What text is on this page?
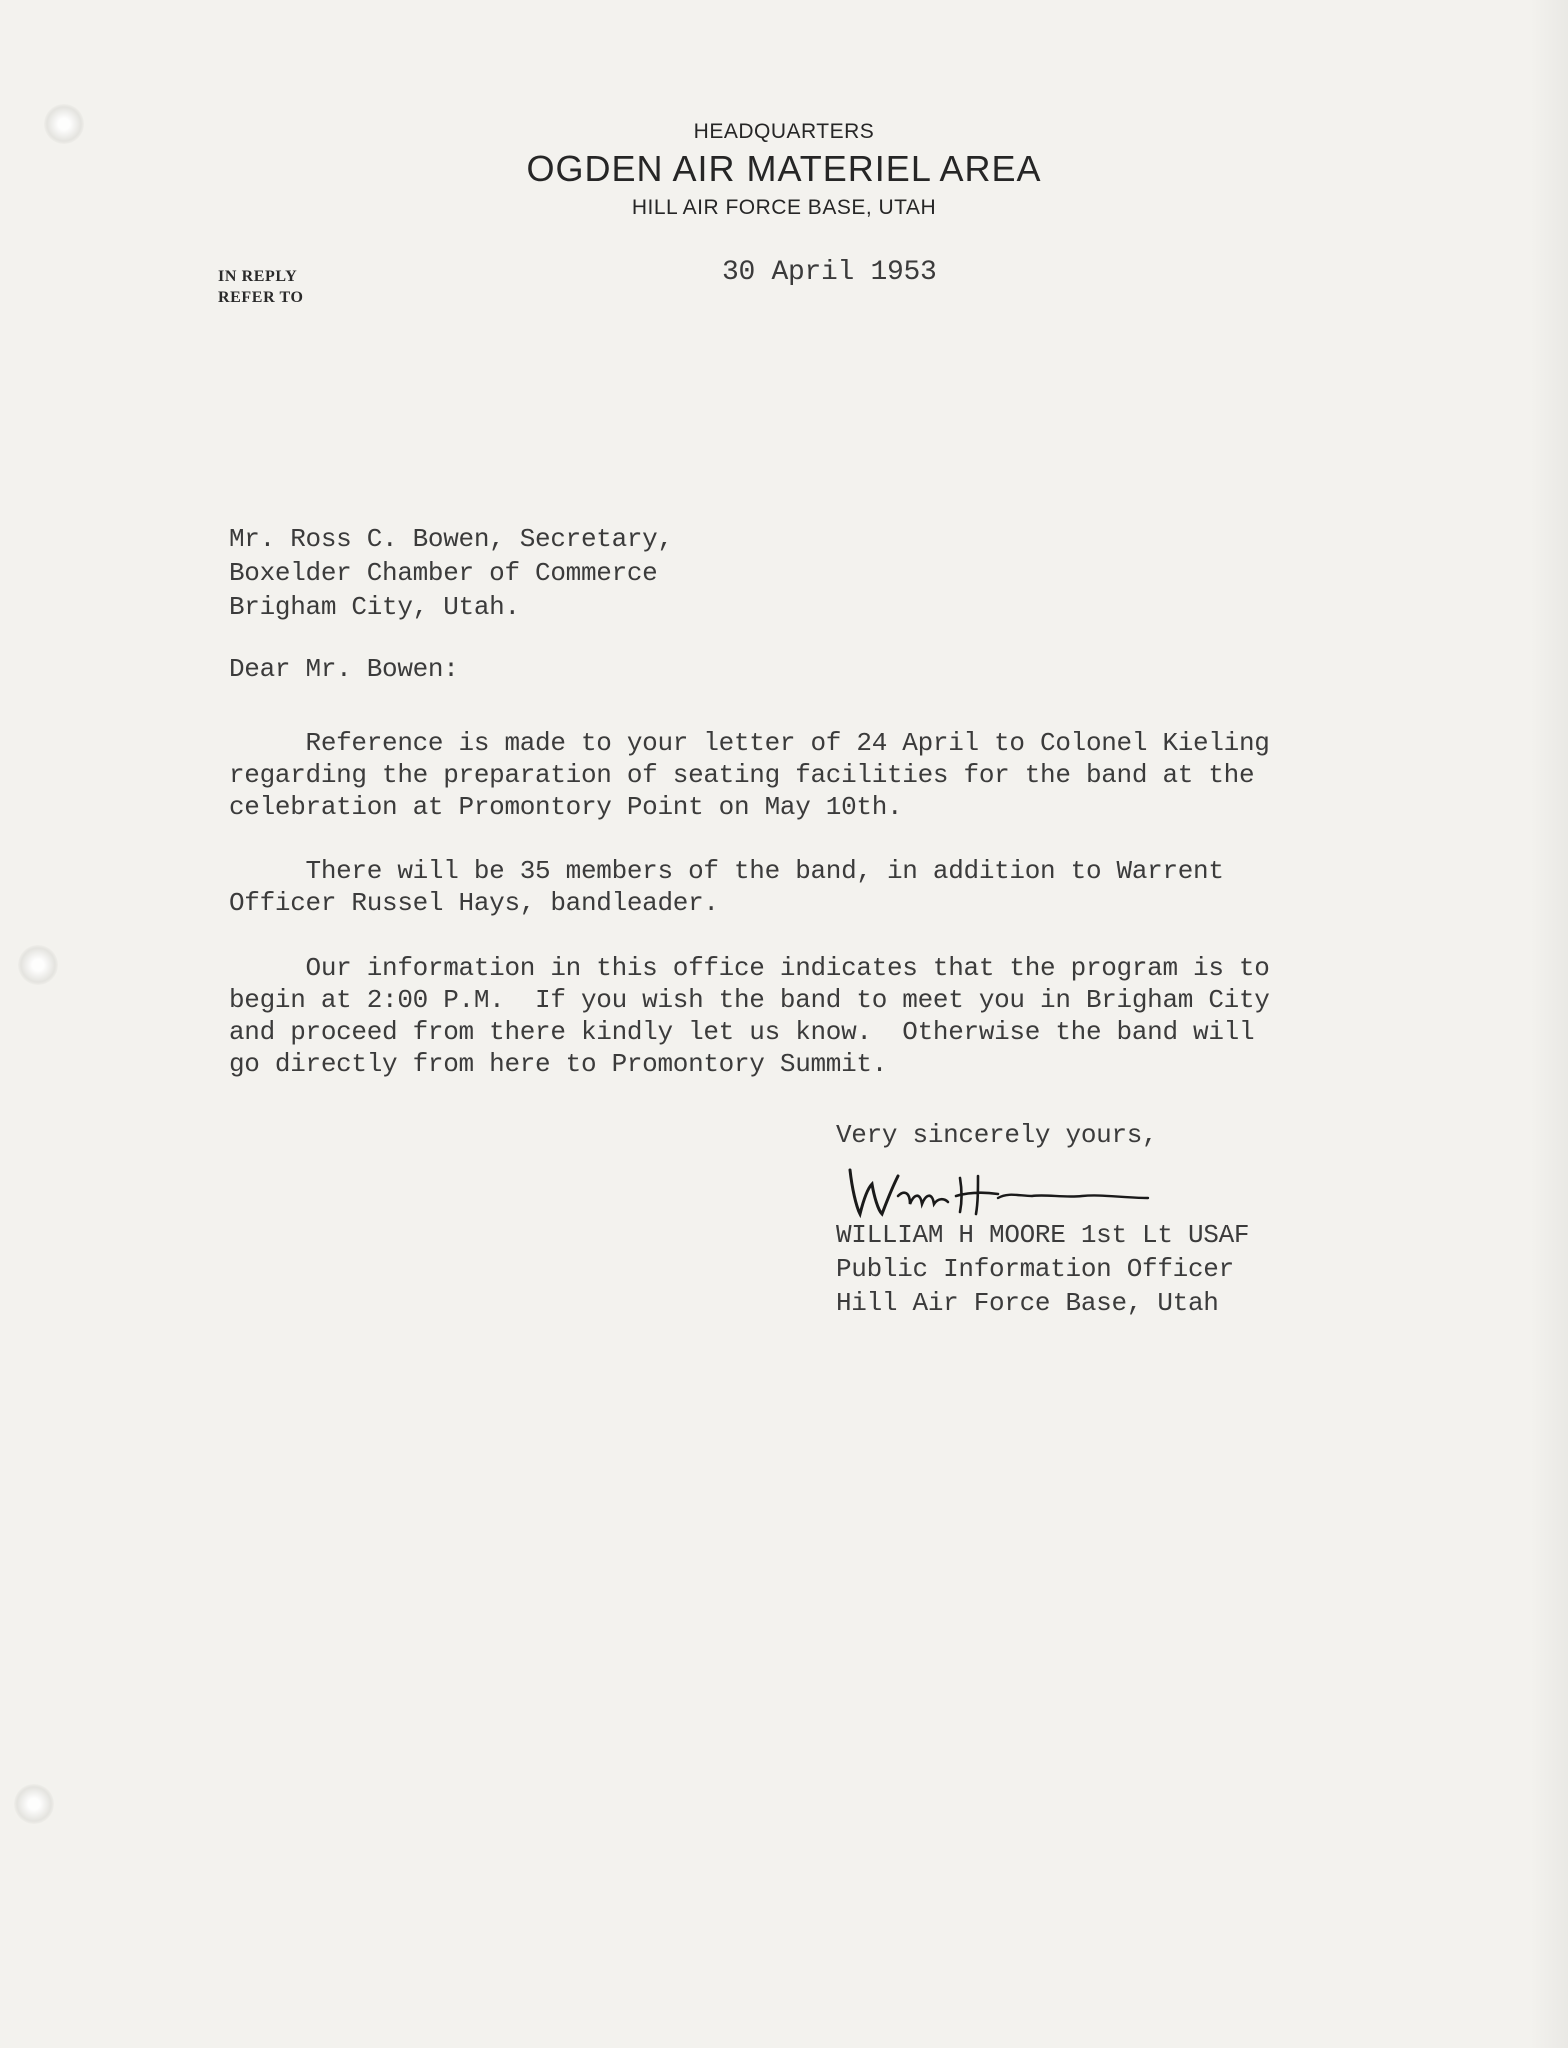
HEADQUARTERS
OGDEN AIR MATERIEL AREA
HILL AIR FORCE BASE, UTAH
IN REPLY
REFER TO
30 April 1953
Mr. Ross C. Bowen, Secretary,
Boxelder Chamber of Commerce
Brigham City, Utah.
Dear Mr. Bowen:
Reference is made to your letter of 24 April to Colonel Kieling
regarding the preparation of seating facilities for the band at the
celebration at Promontory Point on May 10th.
There will be 35 members of the band, in addition to Warrent
Officer Russel Hays, bandleader.
Our information in this office indicates that the program is to
begin at 2:00 P.M.  If you wish the band to meet you in Brigham City
and proceed from there kindly let us know.  Otherwise the band will
go directly from here to Promontory Summit.
Very sincerely yours,
WILLIAM H MOORE 1st Lt USAF
Public Information Officer
Hill Air Force Base, Utah
